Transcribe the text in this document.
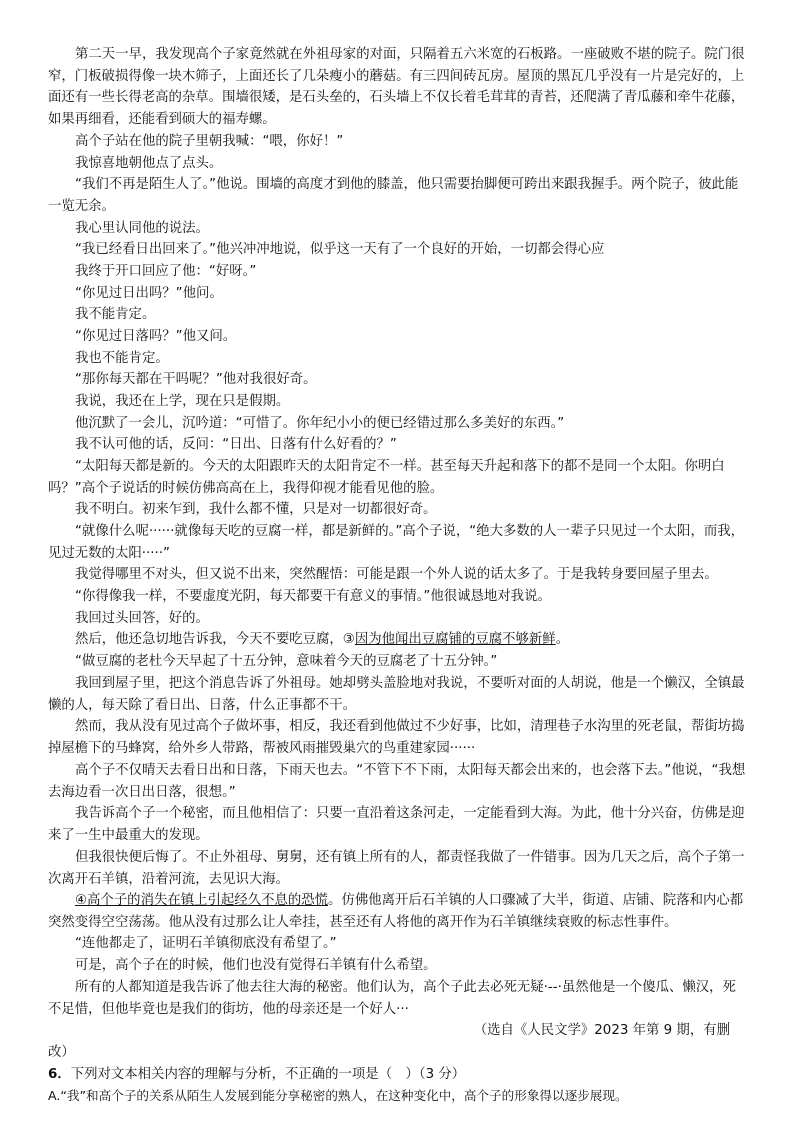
第二天一早，我发现高个子家竟然就在外祖母家的对面，只隔着五六米宽的石板路。一座破败不堪的院子。院门很窄，门板破损得像一块木筛子，上面还长了几朵瘦小的蘑菇。有三四间砖瓦房。屋顶的黑瓦几乎没有一片是完好的，上面还有一些长得老高的杂草。围墙很矮，是石头垒的，石头墙上不仅长着毛茸茸的青苔，还爬满了青瓜藤和牵牛花藤，如果再细看，还能看到硕大的福寿螺。

高个子站在他的院子里朝我喊：“喂，你好！”

我惊喜地朝他点了点头。

“我们不再是陌生人了。”他说。围墙的高度才到他的膝盖，他只需要抬脚便可跨出来跟我握手。两个院子，彼此能一览无余。

我心里认同他的说法。

“我已经看日出回来了。”他兴冲冲地说，似乎这一天有了一个良好的开始，一切都会得心应

我终于开口回应了他：“好呀。”

“你见过日出吗？”他问。

我不能肯定。

“你见过日落吗？”他又问。

我也不能肯定。

“那你每天都在干吗呢？”他对我很好奇。

我说，我还在上学，现在只是假期。

他沉默了一会儿，沉吟道：“可惜了。你年纪小小的便已经错过那么多美好的东西。”

我不认可他的话，反问：“日出、日落有什么好看的？”

“太阳每天都是新的。今天的太阳跟昨天的太阳肯定不一样。甚至每天升起和落下的都不是同一个太阳。你明白吗？”高个子说话的时候仿佛高高在上，我得仰视才能看见他的脸。

我不明白。初来乍到，我什么都不懂，只是对一切都很好奇。

“就像什么呢······就像每天吃的豆腐一样，都是新鲜的。”高个子说，“绝大多数的人一辈子只见过一个太阳，而我，见过无数的太阳·····”

我觉得哪里不对头，但又说不出来，突然醒悟：可能是跟一个外人说的话太多了。于是我转身要回屋子里去。

“你得像我一样，不要虚度光阴，每天都要干有意义的事情。”他很诚恳地对我说。

我回过头回答，好的。

然后，他还急切地告诉我，今天不要吃豆腐，③因为他闻出豆腐铺的豆腐不够新鲜。

“做豆腐的老杜今天早起了十五分钟，意味着今天的豆腐老了十五分钟。”

我回到屋子里，把这个消息告诉了外祖母。她却劈头盖脸地对我说，不要听对面的人胡说，他是一个懒汉，全镇最懒的人，每天除了看日出、日落，什么正事都不干。

然而，我从没有见过高个子做坏事，相反，我还看到他做过不少好事，比如，清理巷子水沟里的死老鼠，帮街坊捣掉屋檐下的马蜂窝，给外乡人带路，帮被风雨摧毁巢穴的鸟重建家园······

高个子不仅晴天去看日出和日落，下雨天也去。“不管下不下雨，太阳每天都会出来的，也会落下去。”他说，“我想去海边看一次日出日落，很想。”

我告诉高个子一个秘密，而且他相信了：只要一直沿着这条河走，一定能看到大海。为此，他十分兴奋，仿佛是迎来了一生中最重大的发现。

但我很快便后悔了。不止外祖母、舅舅，还有镇上所有的人，都责怪我做了一件错事。因为几天之后，高个子第一次离开石羊镇，沿着河流，去见识大海。

④高个子的消失在镇上引起经久不息的恐慌。仿佛他离开后石羊镇的人口骤减了大半，街道、店铺、院落和内心都突然变得空空荡荡。他从没有过那么让人牵挂，甚至还有人将他的离开作为石羊镇继续衰败的标志性事件。

“连他都走了，证明石羊镇彻底没有希望了。”

可是，高个子在的时候，他们也没有觉得石羊镇有什么希望。

所有的人都知道是我告诉了他去往大海的秘密。他们认为，高个子此去必死无疑·--·虽然他是一个傻瓜、懒汉，死不足惜，但他毕竟也是我们的街坊，他的母亲还是一个好人···

（选自《人民文学》2023 年第 9 期，有删
改）
6．下列对文本相关内容的理解与分析，不正确的一项是（　）（3 分）
A.“我”和高个子的关系从陌生人发展到能分享秘密的熟人，在这种变化中，高个子的形象得以逐步展现。
